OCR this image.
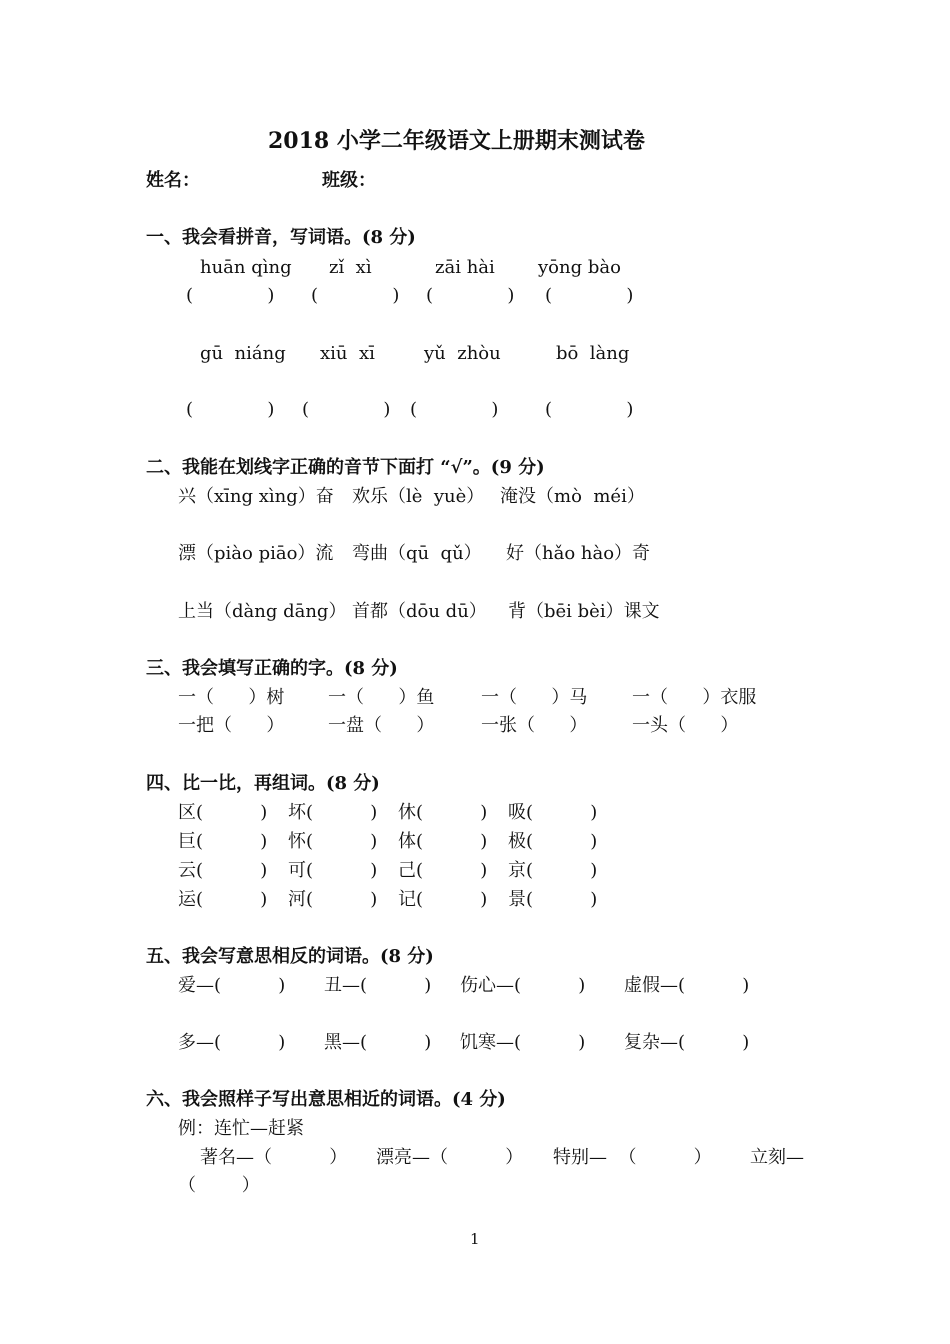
2018 小学二年级语文上册期末测试卷
姓名：	班级：
一、我会看拼音，写词语。(8 分)
huān qìng zǐ  xì	zāi hài yōng bào
(             ) (             ) (             ) (             )
gū  niáng xiū  xī	yǔ  zhòu	bō  làng
(             ) (             ) (             )	(             )
二、我能在划线字正确的音节下面打 “√”。(9 分)
兴（xīng xìng）奋 欢乐（lè  yuè） 淹没（mò  méi）
漂（piào piāo）流 弯曲（qū  qǔ） 好（hǎo hào）奇
上当（dàng dāng） 首都（dōu dū） 背（bēi bèi）课文
三、我会填写正确的字。(8 分)
一（      ）树 一（      ）鱼	一（      ）马 一（      ）衣服
一把（      ） 一盘（      ）	一张（      ） 一头（      ）
四、比一比，再组词。(8 分)
区(          ) 坏(          ) 休(          ) 吸(          )
巨(          ) 怀(          ) 体(          ) 极(          )
云(          ) 可(          ) 己(          ) 京(          )
运(          ) 河(          ) 记(          ) 景(          )
五、我会写意思相反的词语。(8 分)
爱—(          ) 丑—(          ) 伤心—(          ) 虚假—(          )
多—(          ) 黑—(          ) 饥寒—(          ) 复杂—(          )
六、我会照样子写出意思相近的词语。(4 分)
例：连忙—赶紧
著名—（          ） 漂亮—（          ） 特别—  （          ） 立刻—
（        ）
1
